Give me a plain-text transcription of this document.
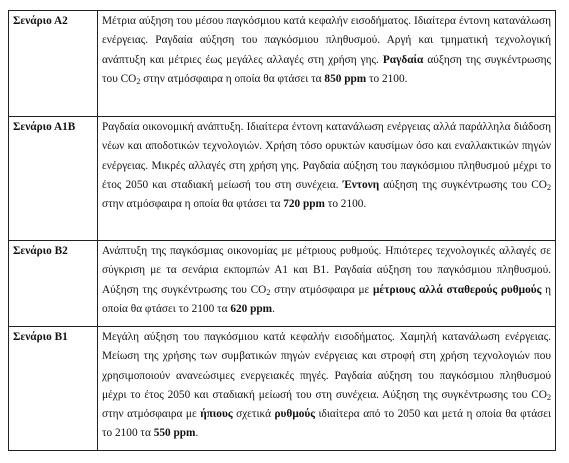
Σενάριο Α2	Μέτρια αύξηση του μέσου παγκόσμιου κατά κεφαλήν εισοδήματος. Ιδιαίτερα έντονη κατανάλωση ενέργειας. Ραγδαία αύξηση του παγκόσμιου πληθυσμού. Αργή και τμηματική τεχνολογική ανάπτυξη και μέτριες έως μεγάλες αλλαγές στη χρήση γης. Ραγδαία αύξηση της συγκέντρωσης του $CO_2$ στην ατμόσφαιρα η οποία θα φτάσει τα 850 ppm το 2100.
Σενάριο Α1Β	Ραγδαία οικονομική ανάπτυξη. Ιδιαίτερα έντονη κατανάλωση ενέργειας αλλά παράλληλα διάδοση νέων και αποδοτικών τεχνολογιών. Χρήση τόσο ορυκτών καυσίμων όσο και εναλλακτικών πηγών ενέργειας. Μικρές αλλαγές στη χρήση γης. Ραγδαία αύξηση του παγκόσμιου πληθυσμού μέχρι το έτος 2050 και σταδιακή μείωσή του στη συνέχεια. Έντονη αύξηση της συγκέντρωσης του $CO_2$ στην ατμόσφαιρα η οποία θα φτάσει τα 720 ppm το 2100.
Σενάριο Β2	Ανάπτυξη της παγκόσμιας οικονομίας με μέτριους ρυθμούς. Ηπιότερες τεχνολογικές αλλαγές σε σύγκριση με τα σενάρια εκπομπών Α1 και Β1. Ραγδαία αύξηση του παγκόσμιου πληθυσμού. Αύξηση της συγκέντρωσης του $CO_2$ στην ατμόσφαιρα με μέτριους αλλά σταθερούς ρυθμούς η οποία θα φτάσει το 2100 τα 620 ppm.
Σενάριο Β1	Μεγάλη αύξηση του παγκόσμιου κατά κεφαλήν εισοδήματος. Χαμηλή κατανάλωση ενέργειας. Μείωση της χρήσης των συμβατικών πηγών ενέργειας και στροφή στη χρήση τεχνολογιών που χρησιμοποιούν ανανεώσιμες ενεργειακές πηγές. Ραγδαία αύξηση του παγκόσμιου πληθυσμού μέχρι το έτος 2050 και σταδιακή μείωσή του στη συνέχεια. Αύξηση της συγκέντρωσης του $CO_2$ στην ατμόσφαιρα με ήπιους σχετικά ρυθμούς ιδιαίτερα από το 2050 και μετά η οποία θα φτάσει το 2100 τα 550 ppm.
